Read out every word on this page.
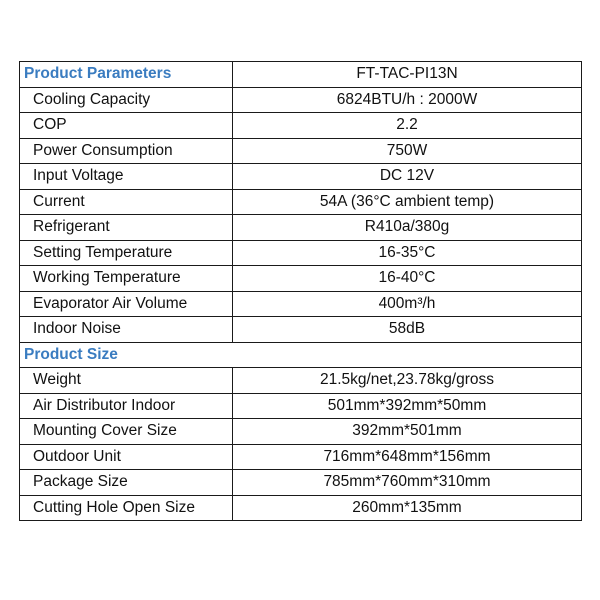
Product Parameters	FT-TAC-PI13N
Cooling Capacity	6824BTU/h : 2000W
COP	2.2
Power Consumption	750W
Input Voltage	DC 12V
Current	54A (36°C ambient temp)
Refrigerant	R410a/380g
Setting Temperature	16-35°C
Working Temperature	16-40°C
Evaporator Air Volume	400m³/h
Indoor Noise	58dB
Product Size	
Weight	21.5kg/net,23.78kg/gross
Air Distributor Indoor	501mm*392mm*50mm
Mounting Cover Size	392mm*501mm
Outdoor Unit	716mm*648mm*156mm
Package Size	785mm*760mm*310mm
Cutting Hole Open Size	260mm*135mm
